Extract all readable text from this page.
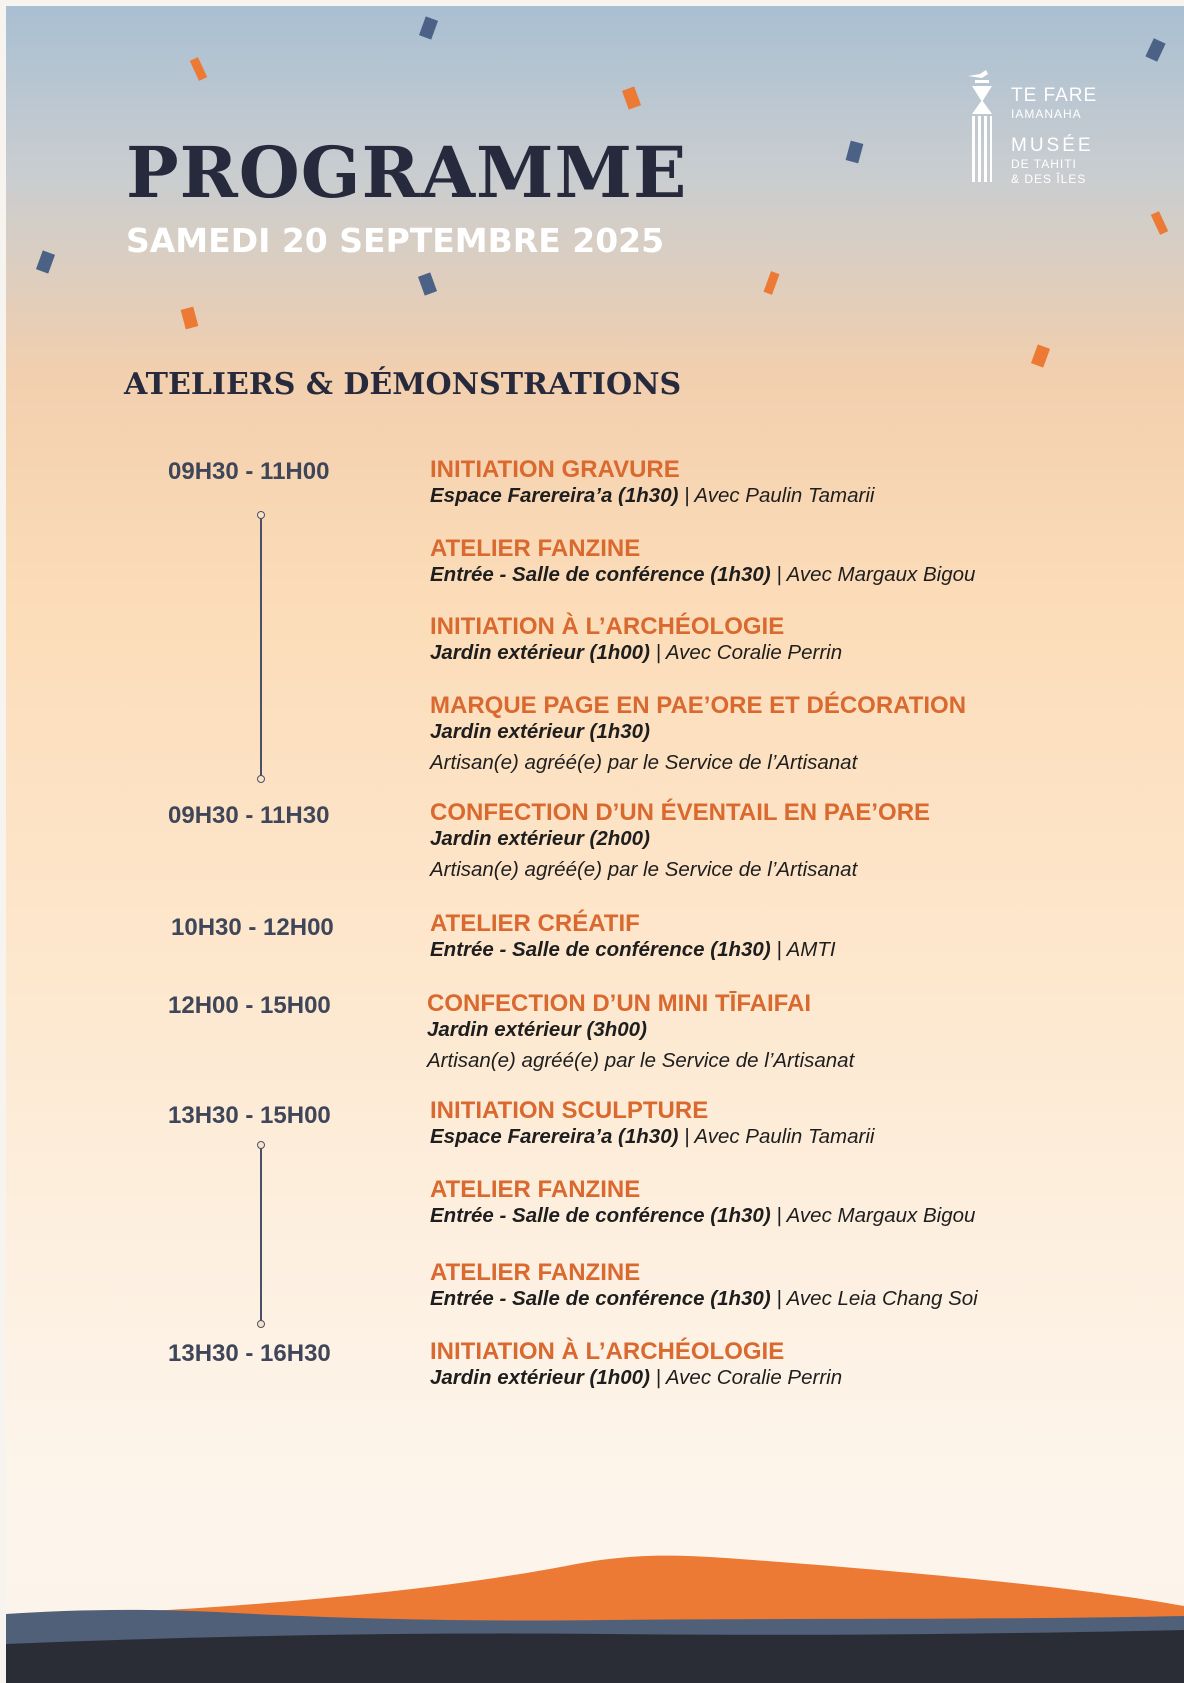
TE FARE
IAMANAHA
MUSÉE
DE TAHITI
& DES ÎLES
PROGRAMME
SAMEDI 20 SEPTEMBRE 2025
ATELIERS & DÉMONSTRATIONS
09H30 - 11H00	INITIATION GRAVURE
Espace Farereira’a (1h30) | Avec Paulin Tamarii
ATELIER FANZINE
Entrée - Salle de conférence (1h30) | Avec Margaux Bigou
INITIATION À L’ARCHÉOLOGIE
Jardin extérieur (1h00) | Avec Coralie Perrin
MARQUE PAGE EN PAE’ORE ET DÉCORATION
Jardin extérieur (1h30)
Artisan(e) agréé(e) par le Service de l’Artisanat
09H30 - 11H30	CONFECTION D’UN ÉVENTAIL EN PAE’ORE
Jardin extérieur (2h00)
Artisan(e) agréé(e) par le Service de l’Artisanat
10H30 - 12H00	ATELIER CRÉATIF
Entrée - Salle de conférence (1h30) | AMTI
12H00 - 15H00	CONFECTION D’UN MINI TĪFAIFAI
Jardin extérieur (3h00)
Artisan(e) agréé(e) par le Service de l’Artisanat
13H30 - 15H00	INITIATION SCULPTURE
Espace Farereira’a (1h30) | Avec Paulin Tamarii
ATELIER FANZINE
Entrée - Salle de conférence (1h30) | Avec Margaux Bigou
ATELIER FANZINE
Entrée - Salle de conférence (1h30) | Avec Leia Chang Soi
13H30 - 16H30	INITIATION À L’ARCHÉOLOGIE
Jardin extérieur (1h00) | Avec Coralie Perrin
